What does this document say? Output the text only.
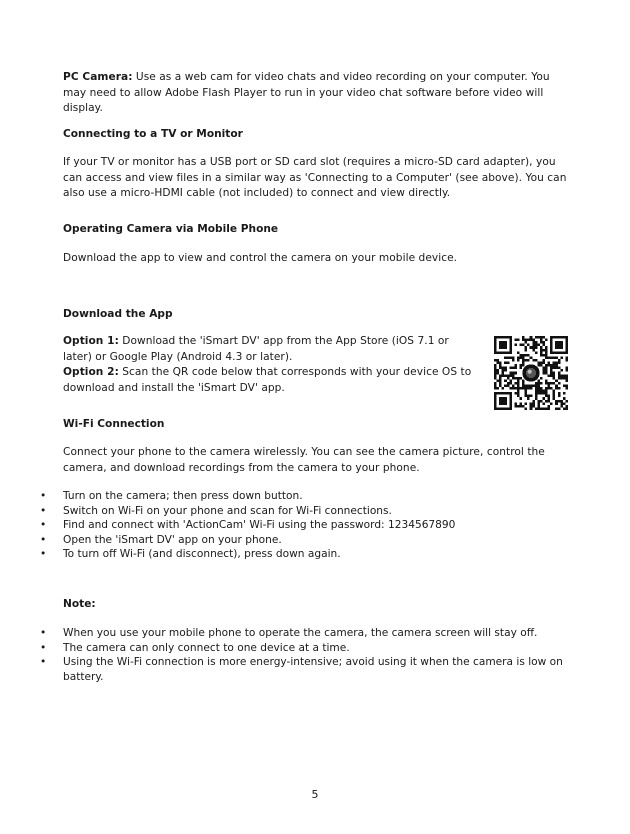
PC Camera: Use as a web cam for video chats and video recording on your computer. You may need to allow Adobe Flash Player to run in your video chat software before video will display.

Connecting to a TV or Monitor

If your TV or monitor has a USB port or SD card slot (requires a micro-SD card adapter), you can access and view files in a similar way as 'Connecting to a Computer' (see above). You can also use a micro-HDMI cable (not included) to connect and view directly.

Operating Camera via Mobile Phone

Download the app to view and control the camera on your mobile device.

Download the App

Option 1: Download the 'iSmart DV' app from the App Store (iOS 7.1 or later) or Google Play (Android 4.3 or later).
Option 2: Scan the QR code below that corresponds with your device OS to download and install the 'iSmart DV' app.

Wi-Fi Connection

Connect your phone to the camera wirelessly. You can see the camera picture, control the camera, and download recordings from the camera to your phone.

• Turn on the camera; then press down button.
• Switch on Wi-Fi on your phone and scan for Wi-Fi connections.
• Find and connect with 'ActionCam' Wi-Fi using the password: 1234567890
• Open the 'iSmart DV' app on your phone.
• To turn off Wi-Fi (and disconnect), press down again.
Note:
• When you use your mobile phone to operate the camera, the camera screen will stay off.
• The camera can only connect to one device at a time.
• Using the Wi-Fi connection is more energy-intensive; avoid using it when the camera is low on battery.
5
